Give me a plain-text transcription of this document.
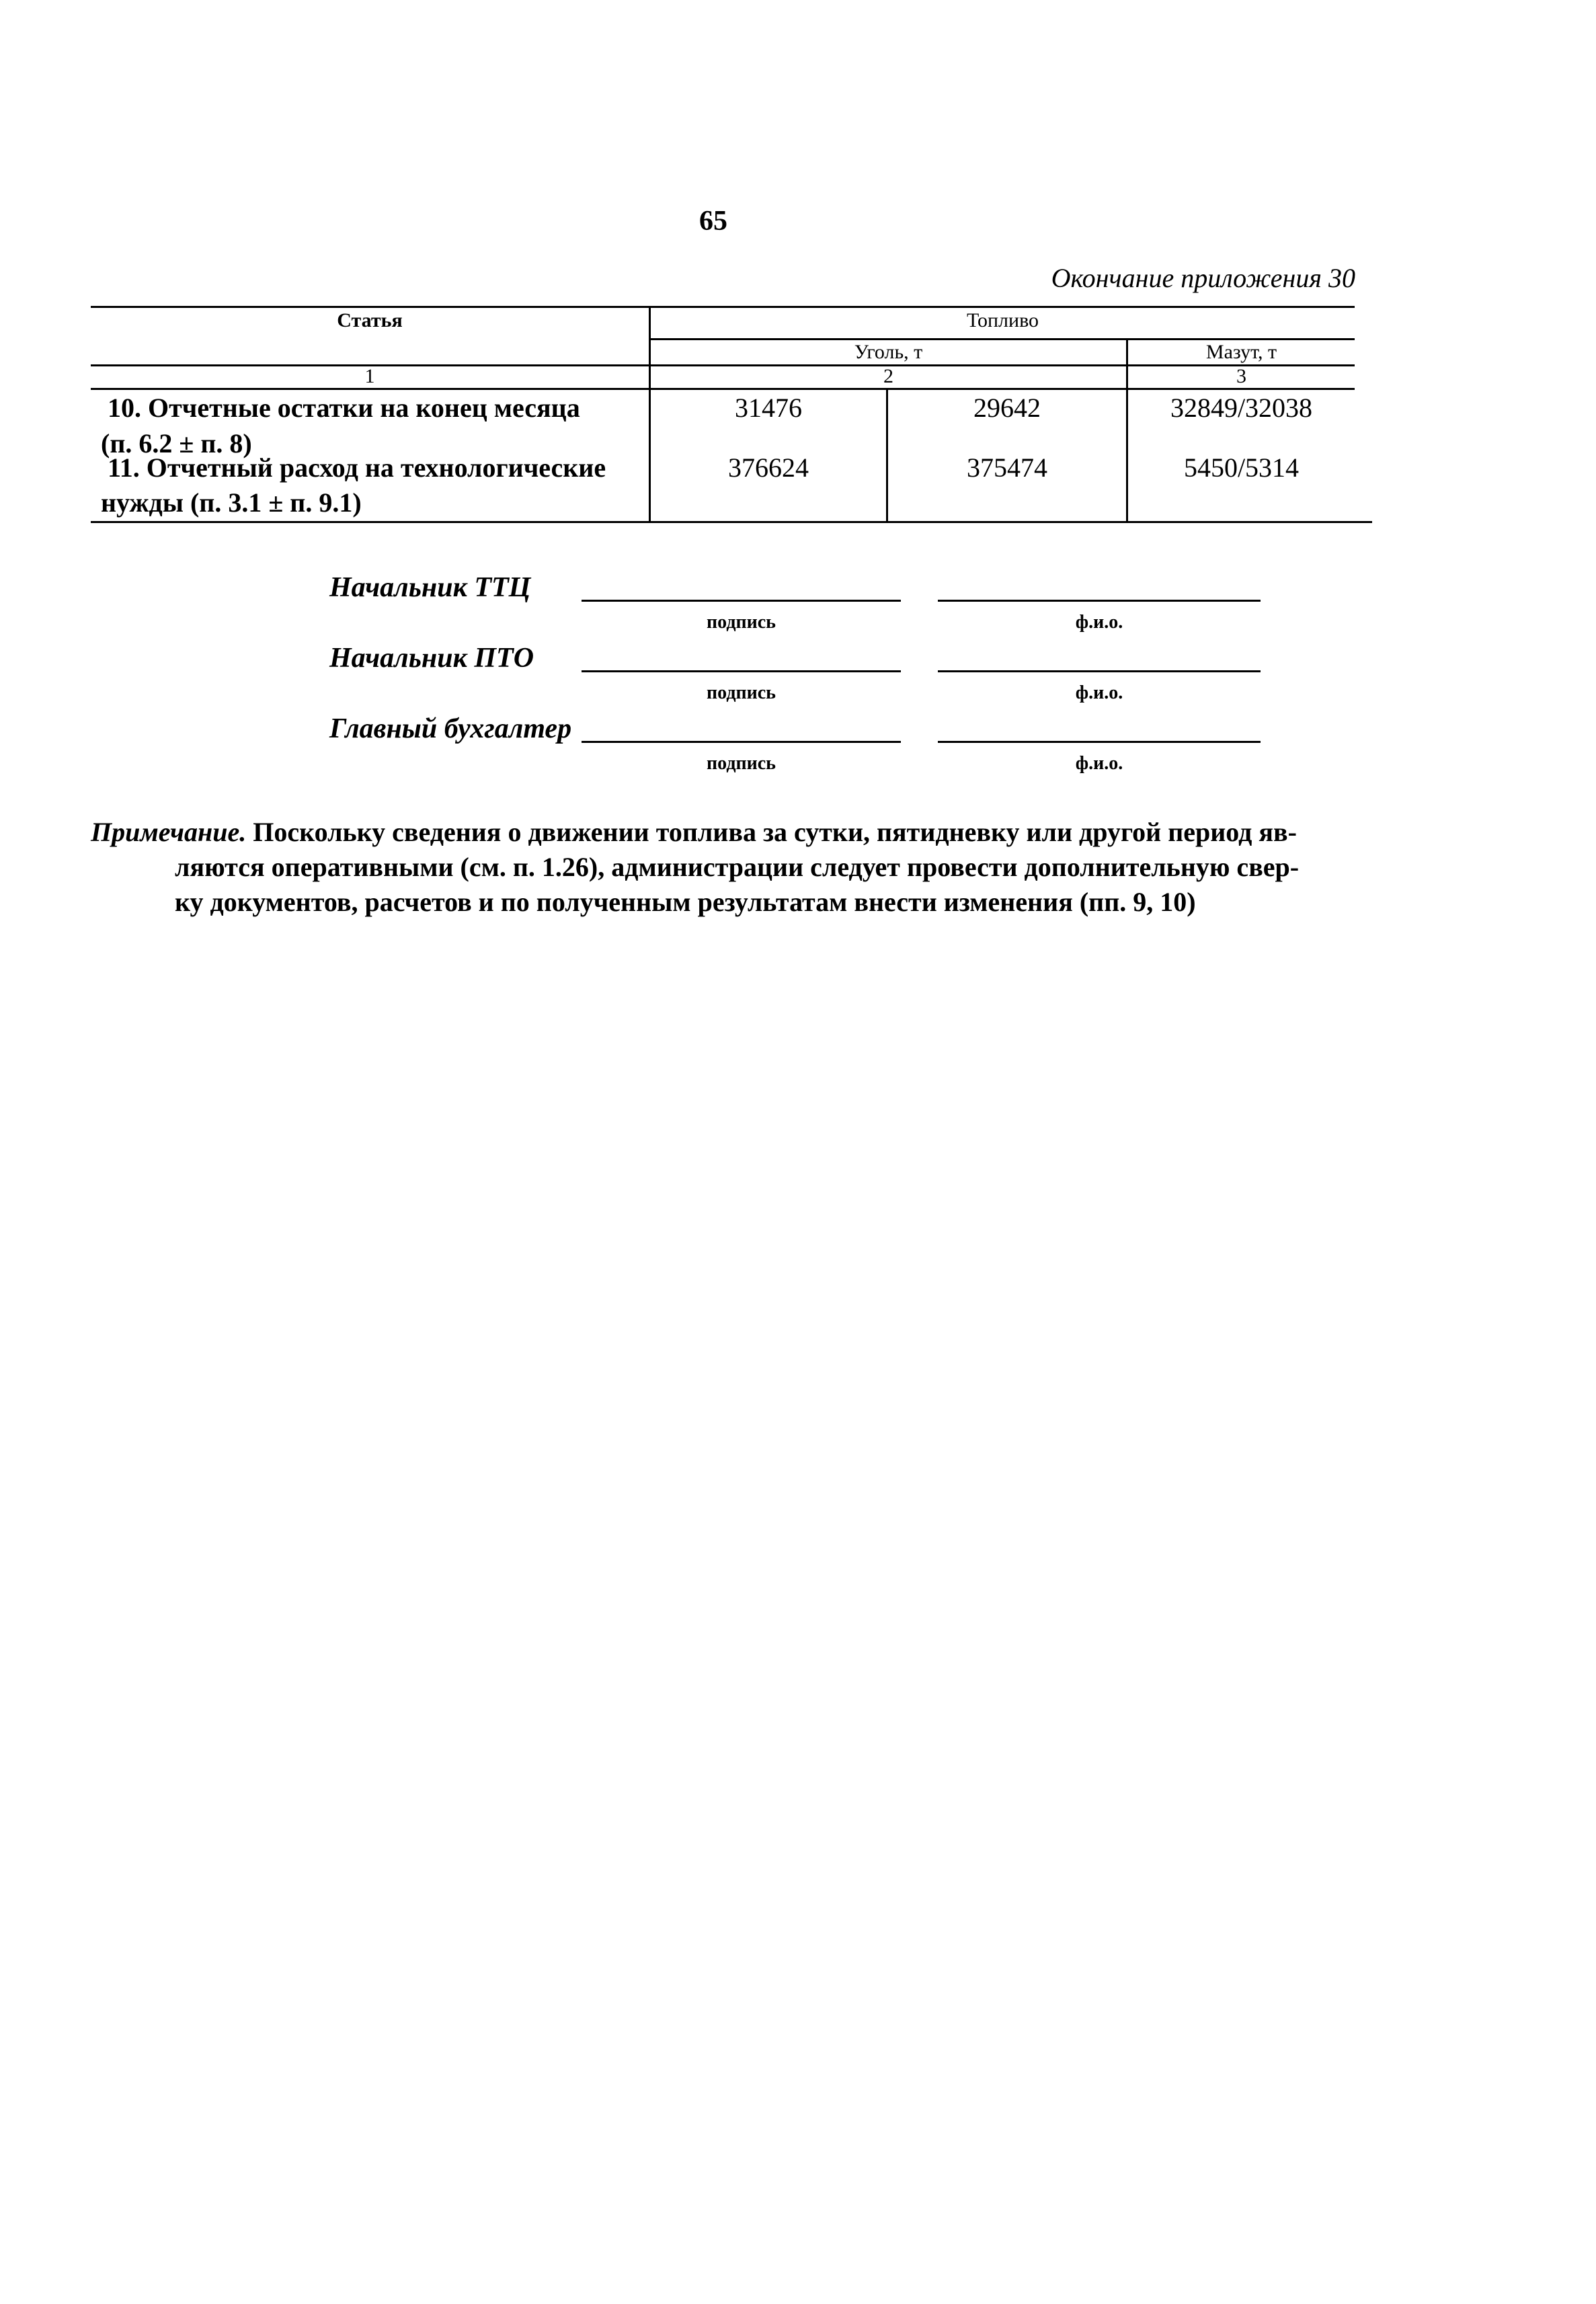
65
Окончание приложения 30
Статья	Топливо
Уголь, т	Мазут, т
1	2	3
10. Отчетные остатки на конец месяца
(п. 6.2 ± п. 8)
31476	29642	32849/32038
11. Отчетный расход на технологические
нужды (п. 3.1 ± п. 9.1)
376624	375474	5450/5314
Начальник ТТЦ
подпись	ф.и.о.
Начальник ПТО
подпись	ф.и.о.
Главный бухгалтер
подпись	ф.и.о.
Примечание. Поскольку сведения о движении топлива за сутки, пятидневку или другой период яв-
ляются оперативными (см. п. 1.26), администрации следует провести дополнительную свер-
ку документов, расчетов и по полученным результатам внести изменения (пп. 9, 10)
